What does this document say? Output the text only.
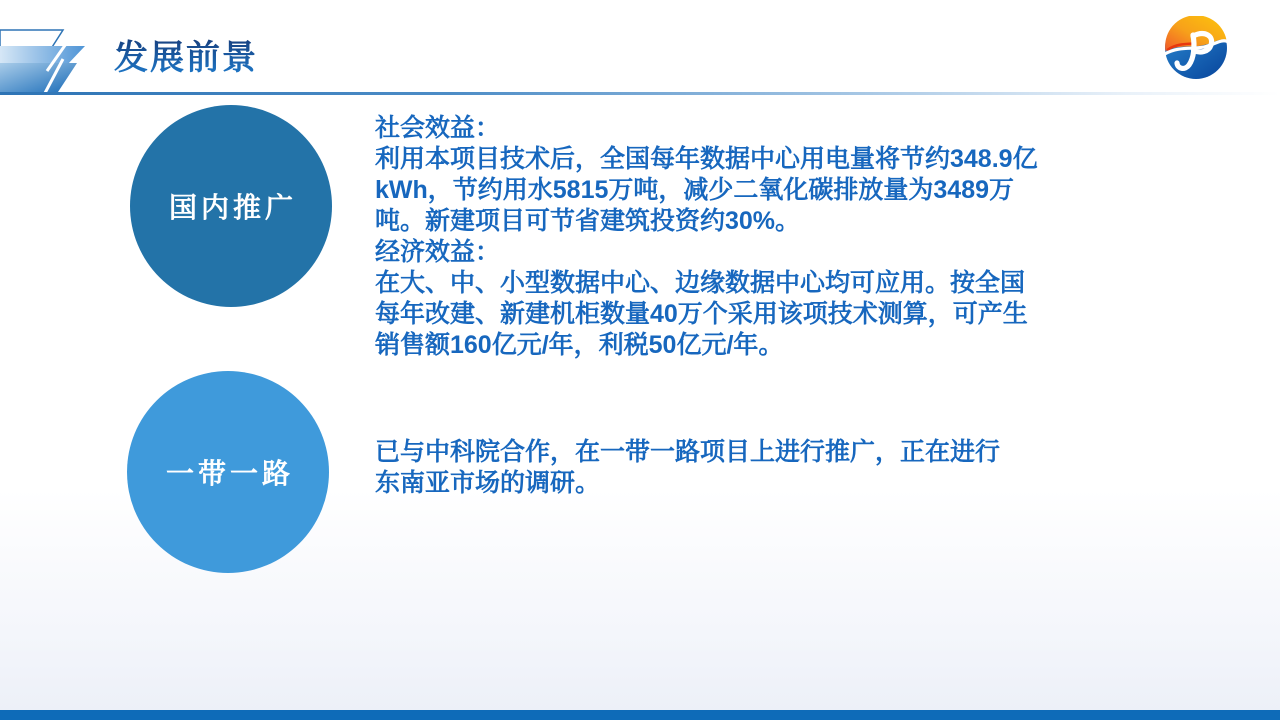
发展前景
国内推广
社会效益：
利用本项目技术后，全国每年数据中心用电量将节约348.9亿
kWh，节约用水5815万吨，减少二氧化碳排放量为3489万
吨。新建项目可节省建筑投资约30%。
经济效益：
在大、中、小型数据中心、边缘数据中心均可应用。按全国
每年改建、新建机柜数量40万个采用该项技术测算，可产生
销售额160亿元/年，利税50亿元/年。
一带一路
已与中科院合作，在一带一路项目上进行推广，正在进行
东南亚市场的调研。
